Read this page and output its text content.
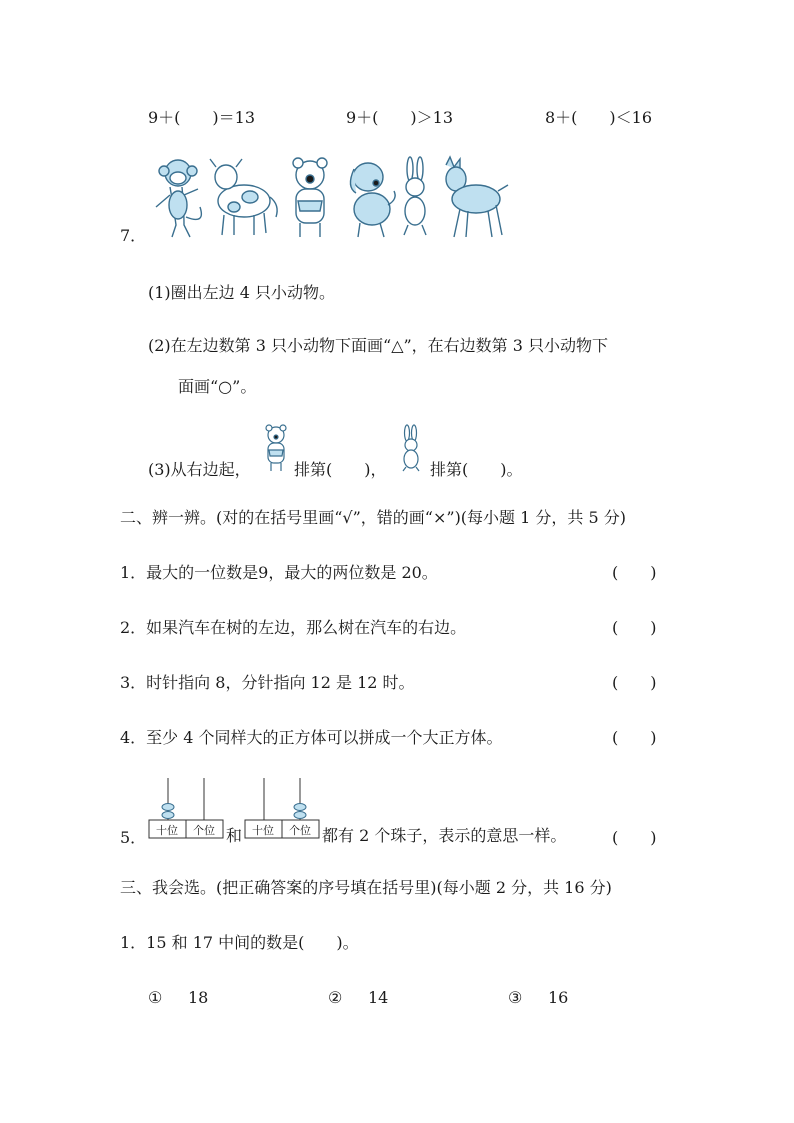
9＋(　　)＝13	9＋(　　)＞13	8＋(　　)＜16
7．
(1)圈出左边 4 只小动物。
(2)在左边数第 3 只小动物下面画“△”，在右边数第 3 只小动物下
面画“○”。
(3)从右边起，	排第(　　)，	排第(　　)。
二、辨一辨。(对的在括号里画“√”，错的画“×”)(每小题 1 分，共 5 分)
1．最大的一位数是9，最大的两位数是 20。	(　　)
2．如果汽车在树的左边，那么树在汽车的右边。	(　　)
3．时针指向 8，分针指向 12 是 12 时。	(　　)
4．至少 4 个同样大的正方体可以拼成一个大正方体。	(　　)
5． 十位 个位 和 十位 个位 都有 2 个珠子，表示的意思一样。	(　　)
三、我会选。(把正确答案的序号填在括号里)(每小题 2 分，共 16 分)
1．15 和 17 中间的数是(　　)。
① 18	② 14	③ 16
